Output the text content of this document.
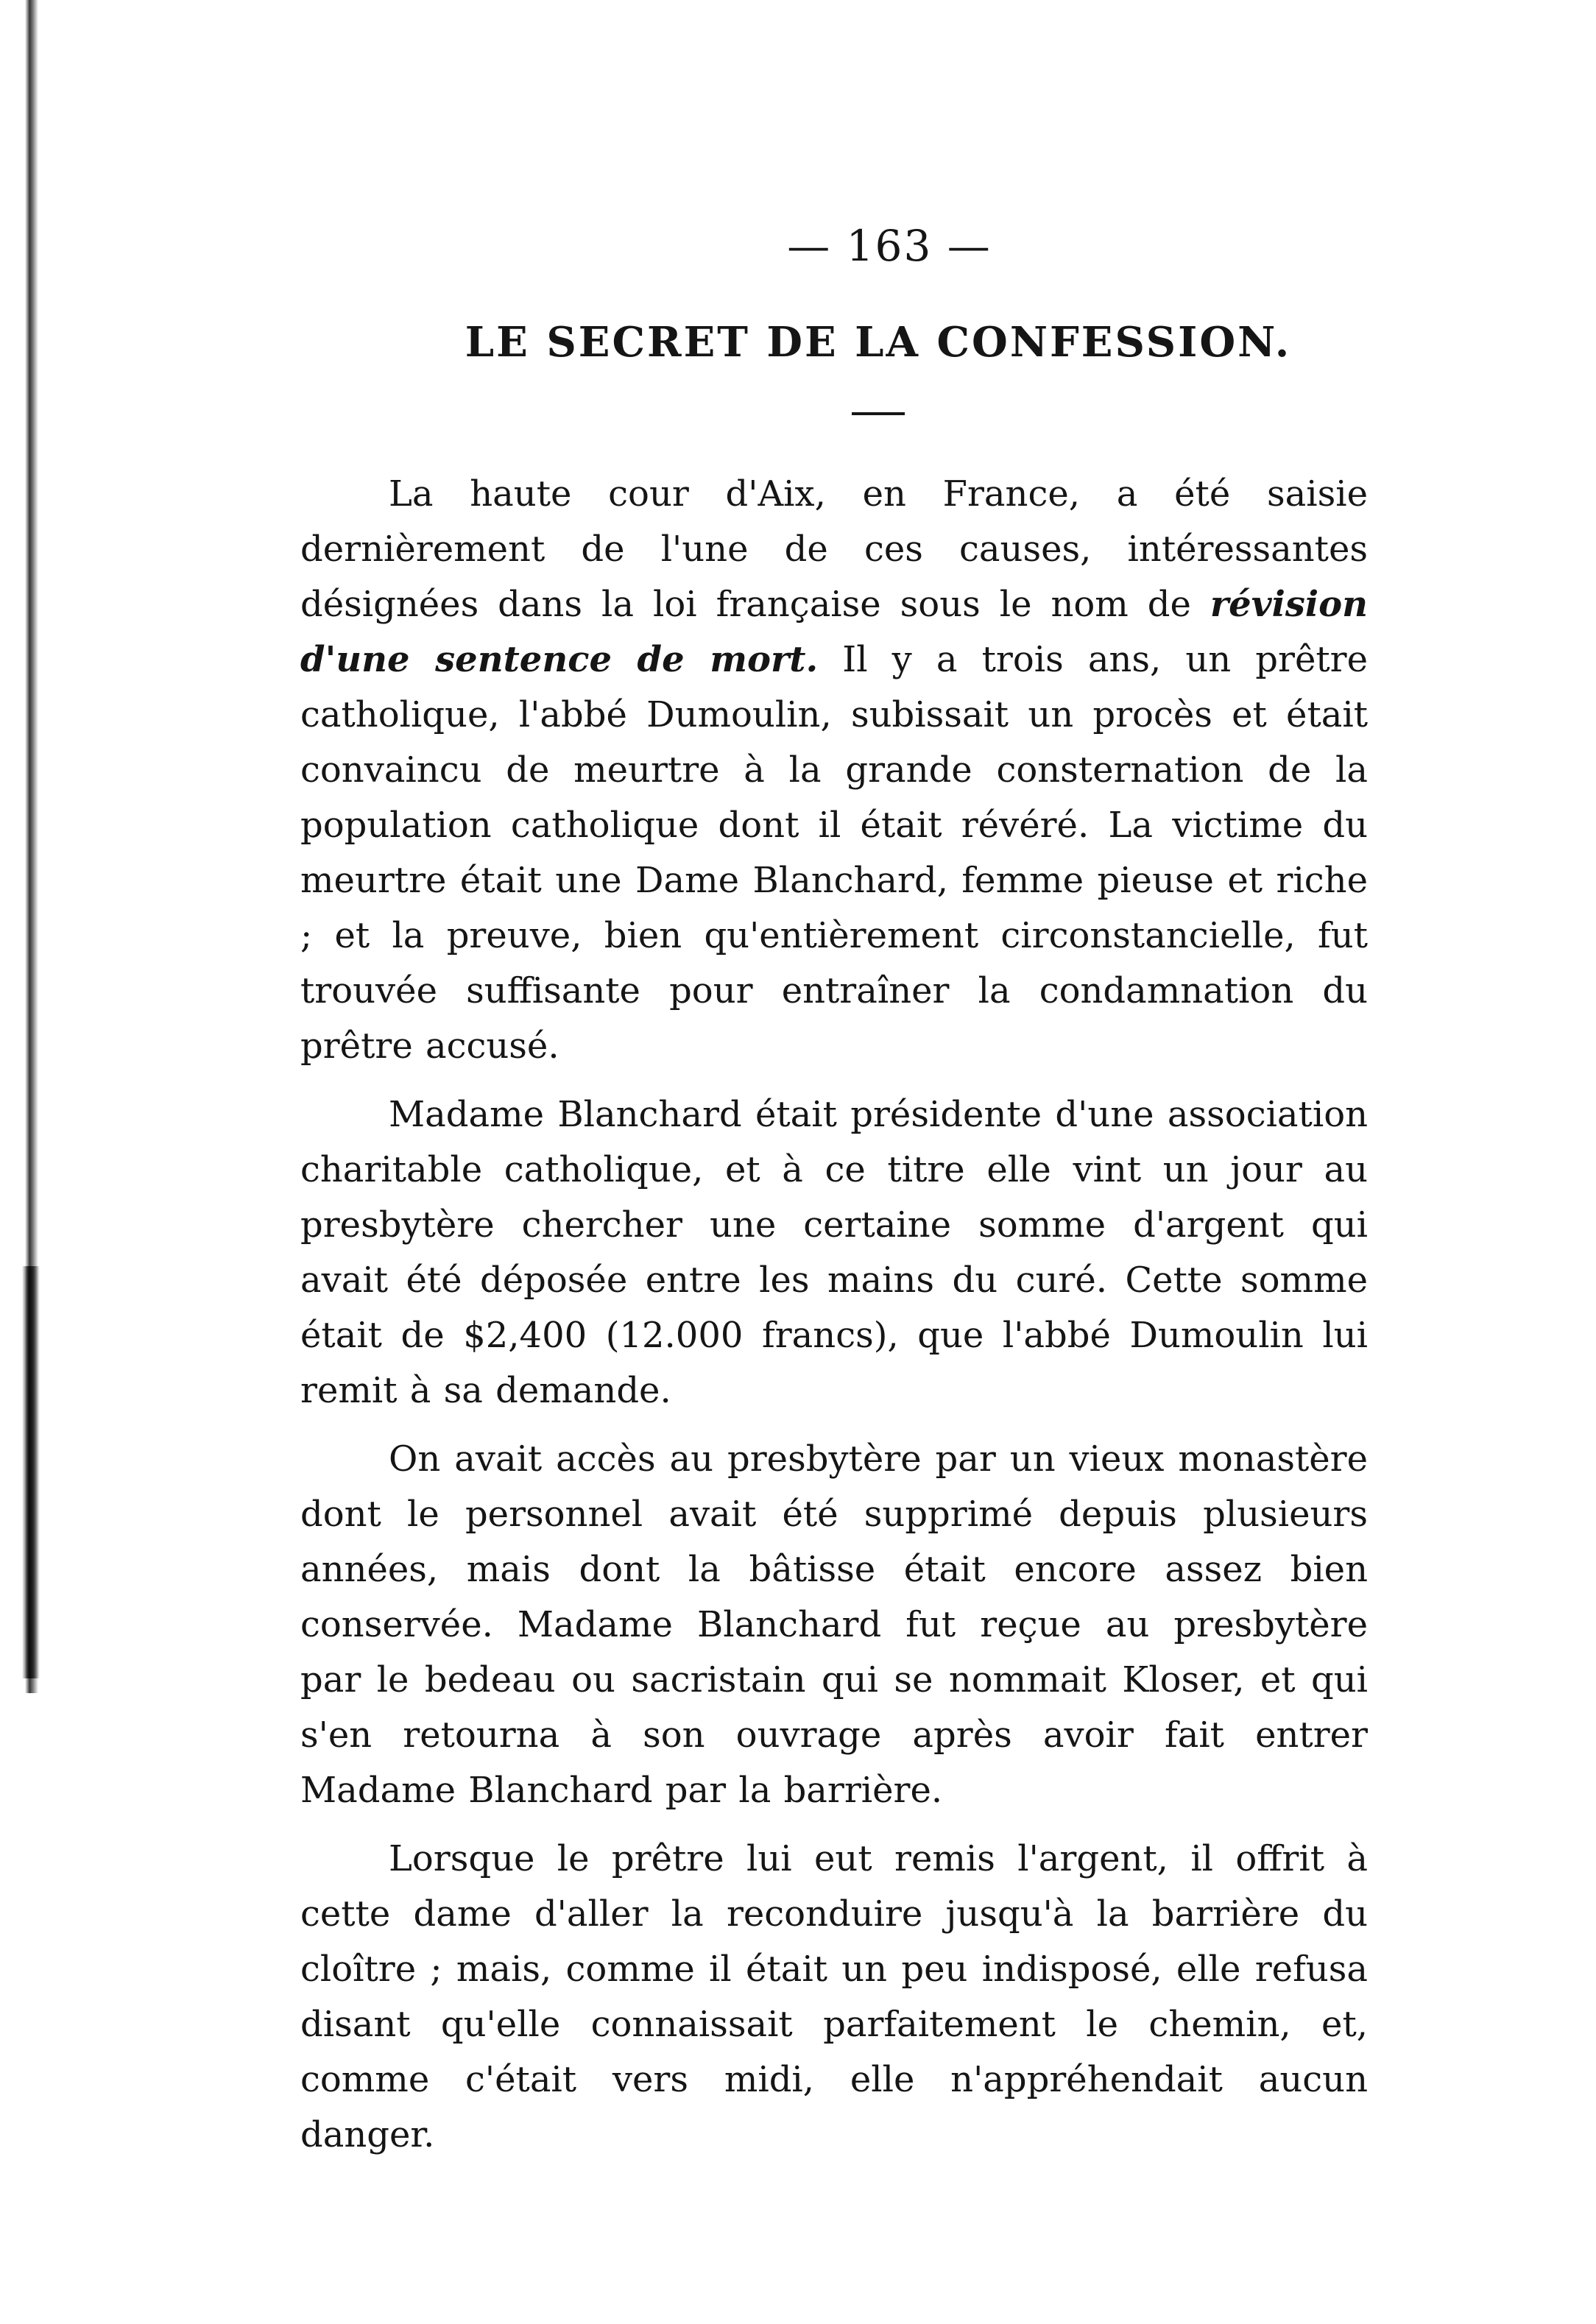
— 163 —
LE SECRET DE LA CONFESSION.

La haute cour d'Aix, en France, a été saisie dernièrement de l'une de ces causes, intéressantes désignées dans la loi française sous le nom de révision d'une sentence de mort. Il y a trois ans, un prêtre catholique, l'abbé Dumoulin, subissait un procès et était convaincu de meurtre à la grande consternation de la population catholique dont il était révéré. La victime du meurtre était une Dame Blanchard, femme pieuse et riche ; et la preuve, bien qu'entièrement circonstancielle, fut trouvée suffisante pour entraîner la condamnation du prêtre accusé.

Madame Blanchard était présidente d'une association charitable catholique, et à ce titre elle vint un jour au presbytère chercher une certaine somme d'argent qui avait été déposée entre les mains du curé. Cette somme était de $2,400 (12.000 francs), que l'abbé Dumoulin lui remit à sa demande.

On avait accès au presbytère par un vieux monastère dont le personnel avait été supprimé depuis plusieurs années, mais dont la bâtisse était encore assez bien conservée. Madame Blanchard fut reçue au presbytère par le bedeau ou sacristain qui se nommait Kloser, et qui s'en retourna à son ouvrage après avoir fait entrer Madame Blanchard par la barrière.

Lorsque le prêtre lui eut remis l'argent, il offrit à cette dame d'aller la reconduire jusqu'à la barrière du cloître ; mais, comme il était un peu indisposé, elle refusa disant qu'elle connaissait parfaitement le chemin, et, comme c'était vers midi, elle n'appréhendait aucun danger.
